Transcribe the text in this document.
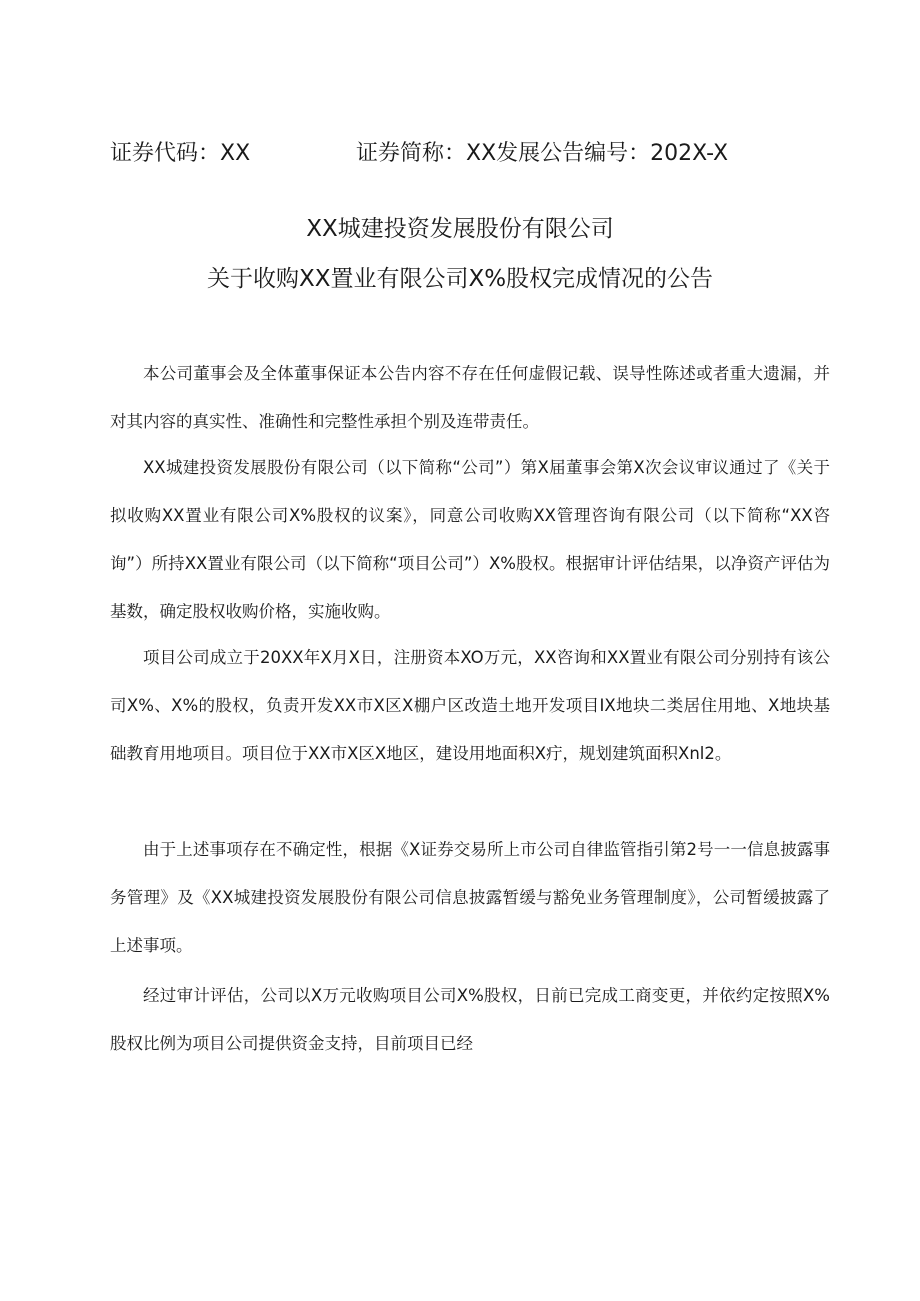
证券代码：XX	证券简称：XX发展公告编号：202X-X
XX城建投资发展股份有限公司
关于收购XX置业有限公司X%股权完成情况的公告

本公司董事会及全体董事保证本公告内容不存在任何虚假记载、误导性陈述或者重大遗漏，并对其内容的真实性、准确性和完整性承担个别及连带责任。

XX城建投资发展股份有限公司（以下简称“公司”）第X届董事会第X次会议审议通过了《关于拟收购XX置业有限公司X%股权的议案》，同意公司收购XX管理咨询有限公司（以下简称“XX咨询”）所持XX置业有限公司（以下简称“项目公司”）X%股权。根据审计评估结果，以净资产评估为基数，确定股权收购价格，实施收购。

项目公司成立于20XX年X月X日，注册资本XO万元，XX咨询和XX置业有限公司分别持有该公司X%、X%的股权，负责开发XX市X区X棚户区改造土地开发项目IX地块二类居住用地、X地块基础教育用地项目。项目位于XX市X区X地区，建设用地面积X疔，规划建筑面积Xnl2。

由于上述事项存在不确定性，根据《X证券交易所上市公司自律监管指引第2号一一信息披露事务管理》及《XX城建投资发展股份有限公司信息披露暂缓与豁免业务管理制度》，公司暂缓披露了上述事项。

经过审计评估，公司以X万元收购项目公司X%股权，日前已完成工商变更，并依约定按照X%股权比例为项目公司提供资金支持，目前项目已经
